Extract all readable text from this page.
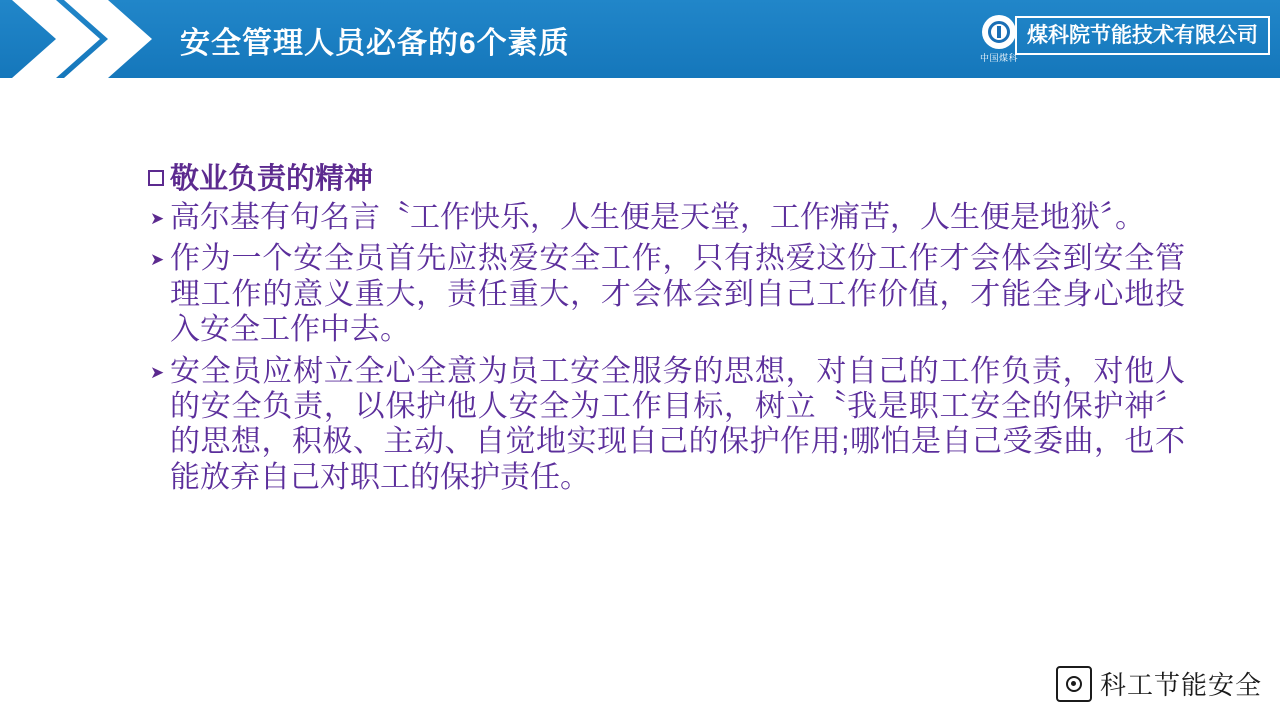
安全管理人员必备的6个素质	中国煤科
煤科院节能技术有限公司
敬业负责的精神
➤ 高尔基有句名言〝工作快乐，人生便是天堂，工作痛苦，人生便是地狱〞。
➤ 作为一个安全员首先应热爱安全工作，只有热爱这份工作才会体会到安全管理工作的意义重大，责任重大，才会体会到自己工作价值，才能全身心地投入安全工作中去。
➤ 安全员应树立全心全意为员工安全服务的思想，对自己的工作负责，对他人的安全负责，以保护他人安全为工作目标，树立〝我是职工安全的保护神〞的思想，积极、主动、自觉地实现自己的保护作用;哪怕是自己受委曲，也不能放弃自己对职工的保护责任。
科工节能安全
